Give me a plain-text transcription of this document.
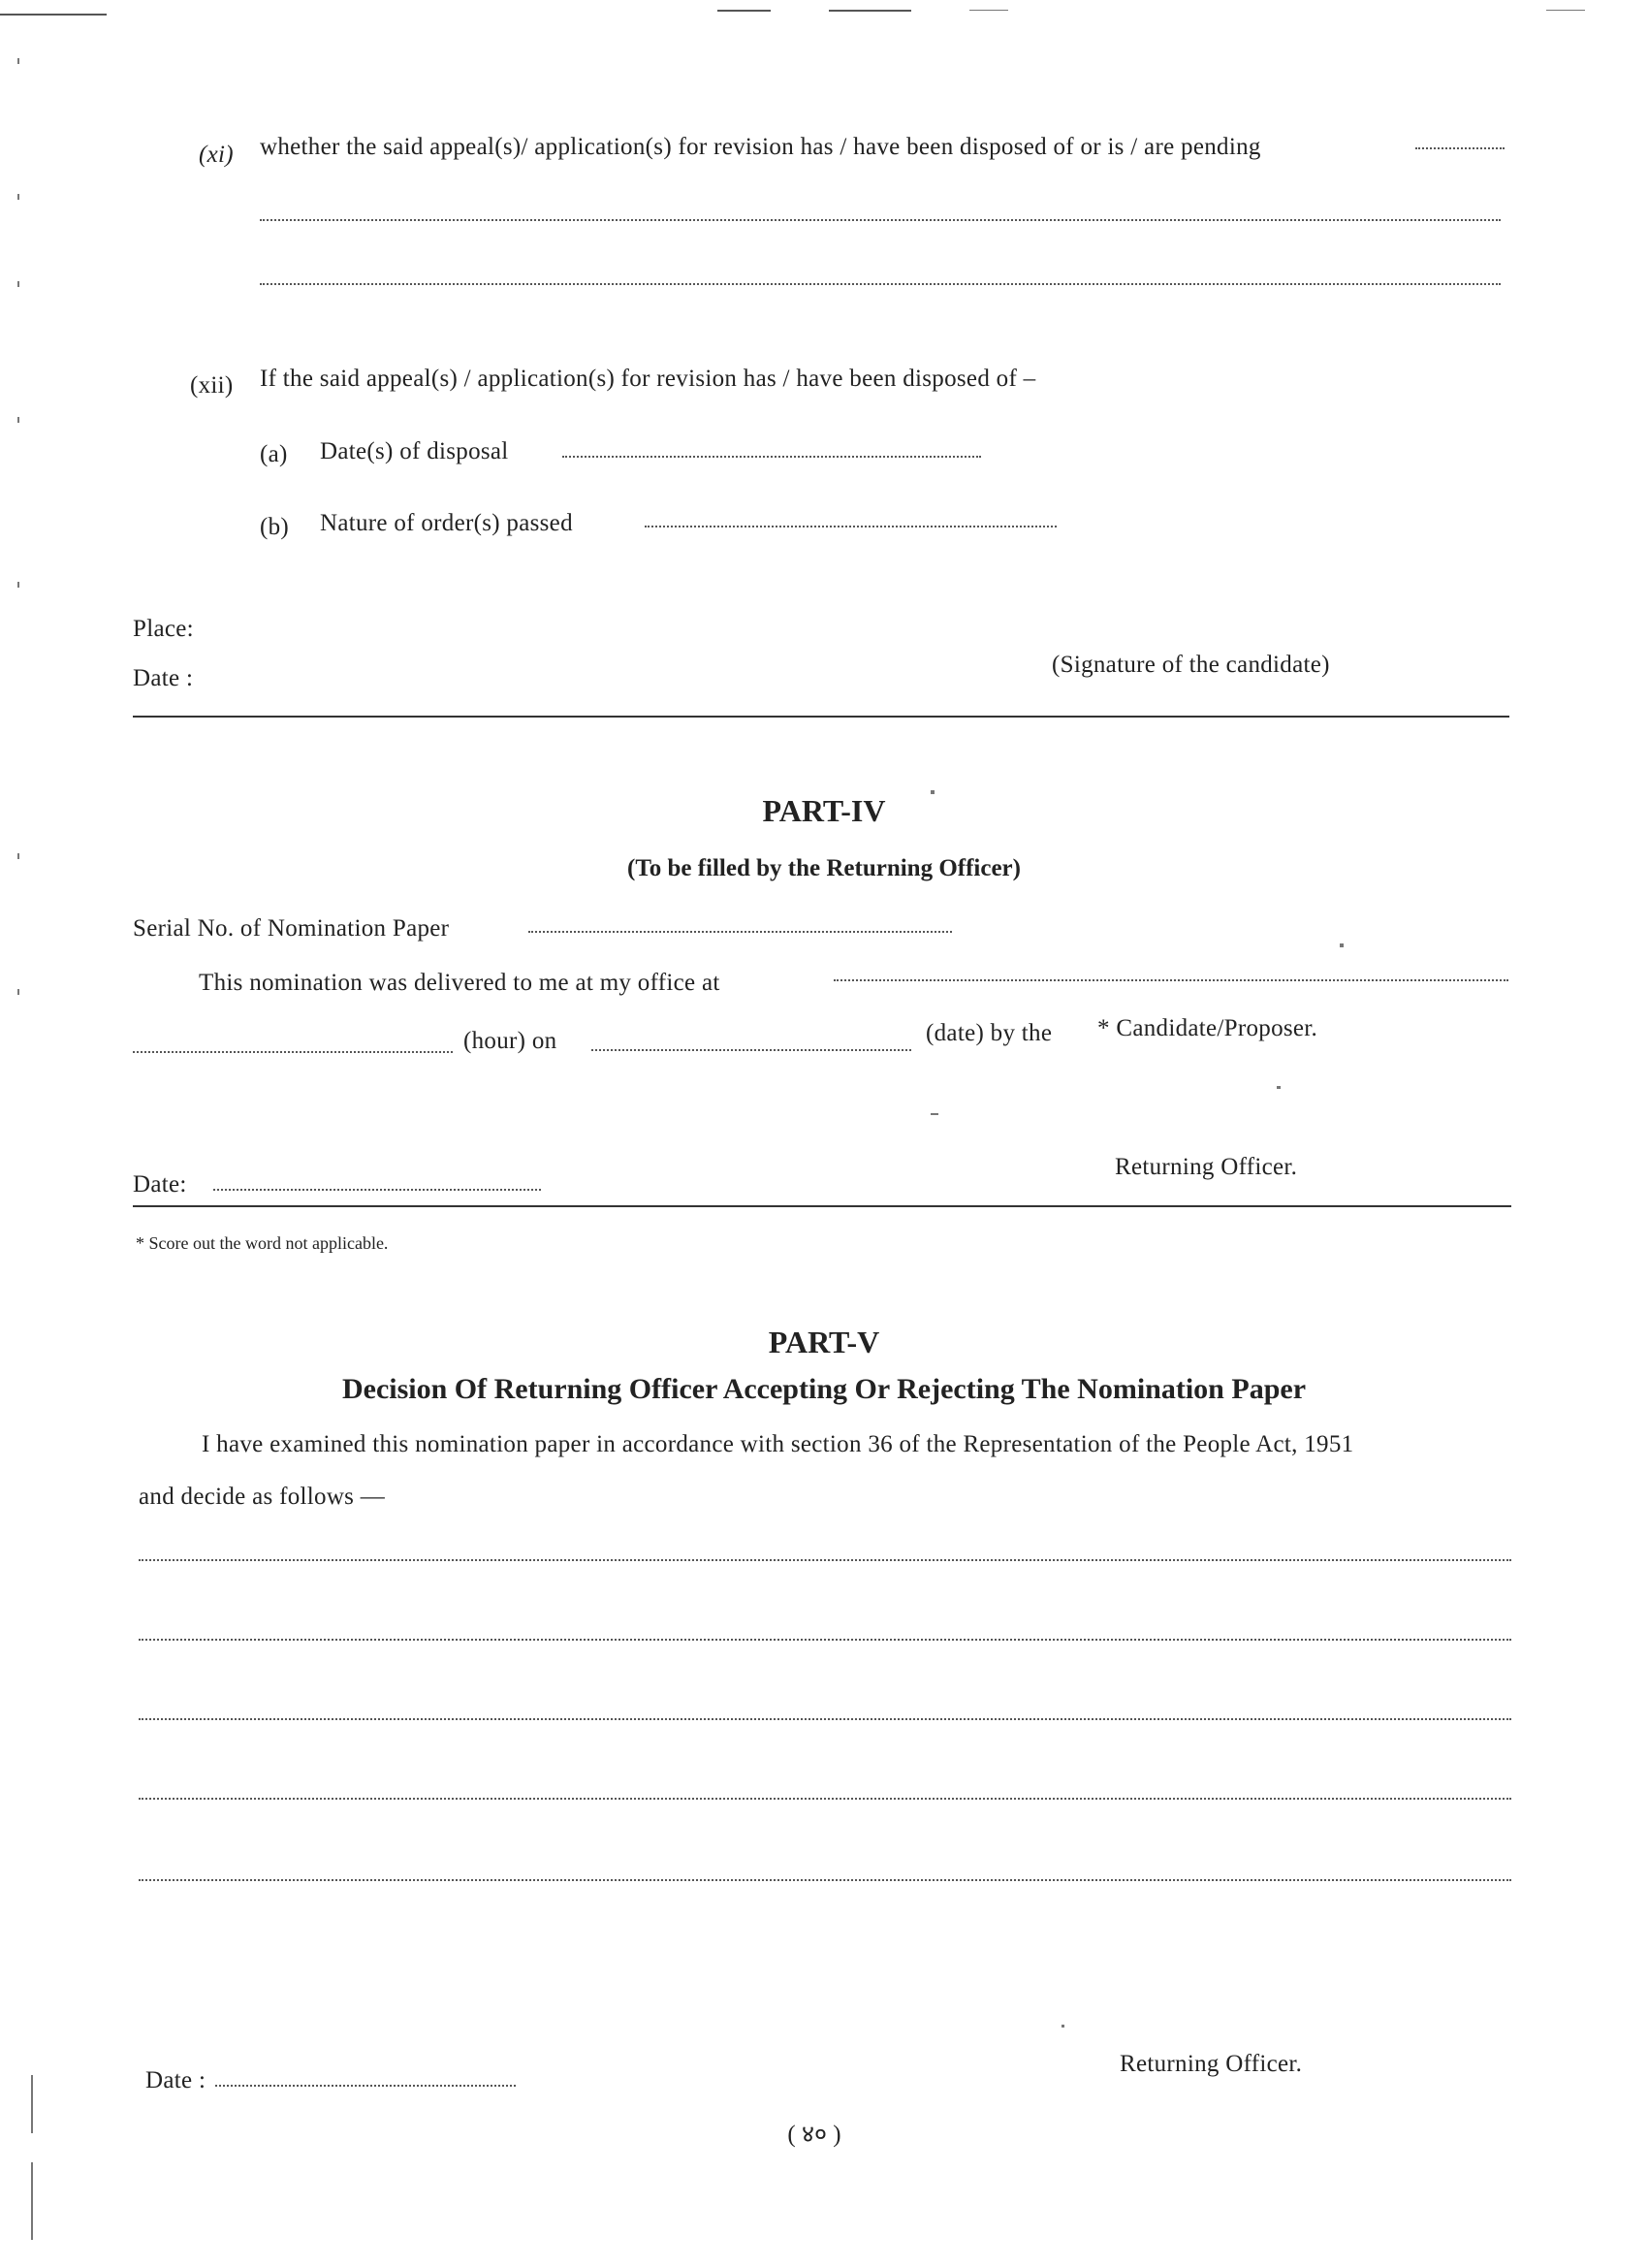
(xi) whether the said appeal(s)/ application(s) for revision has / have been disposed of or is / are pending
(xii) If the said appeal(s) / application(s) for revision has / have been disposed of –
(a) Date(s) of disposal
(b) Nature of order(s) passed
Place:
Date :
(Signature of the candidate)
PART-IV
(To be filled by the Returning Officer)
Serial No. of Nomination Paper
This nomination was delivered to me at my office at
(hour) on	(date) by the * Candidate/Proposer.
Date:
Returning Officer.
* Score out the word not applicable.
PART-V
Decision Of Returning Officer Accepting Or Rejecting The Nomination Paper
I have examined this nomination paper in accordance with section 36 of the Representation of the People Act, 1951
and decide as follows —
Date :
Returning Officer.
( ४० )
